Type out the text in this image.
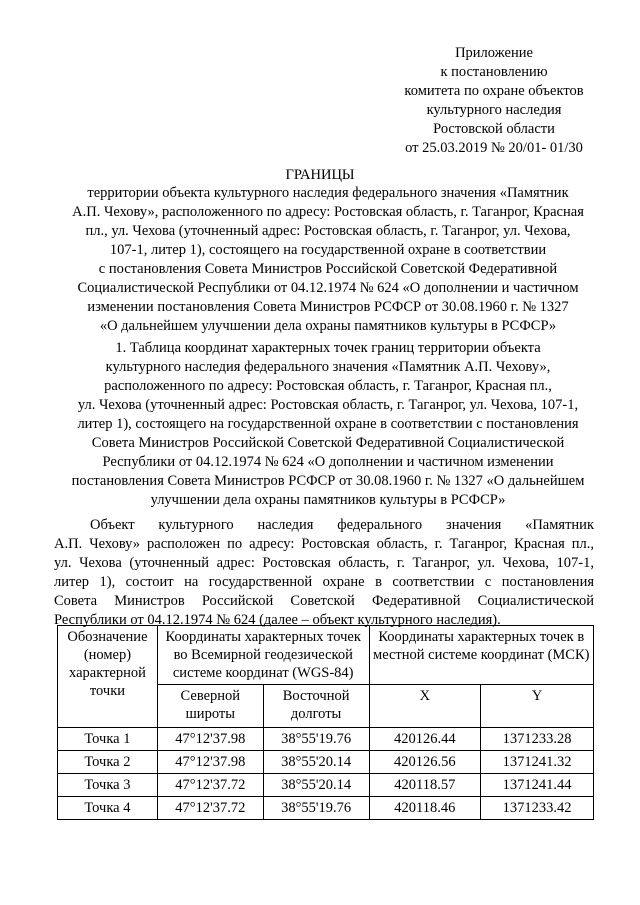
Приложение
к постановлению
комитета по охране объектов
культурного наследия
Ростовской области
от 25.03.2019 № 20/01- 01/30
ГРАНИЦЫ
территории объекта культурного наследия федерального значения «Памятник
А.П. Чехову», расположенного по адресу: Ростовская область, г. Таганрог, Красная
пл., ул. Чехова (уточненный адрес: Ростовская область, г. Таганрог, ул. Чехова,
107-1, литер 1), состоящего на государственной охране в соответствии
с постановления Совета Министров Российской Советской Федеративной
Социалистической Республики от 04.12.1974 № 624 «О дополнении и частичном
изменении постановления Совета Министров РСФСР от 30.08.1960 г. № 1327
«О дальнейшем улучшении дела охраны памятников культуры в РСФСР»
1. Таблица координат характерных точек границ территории объекта
культурного наследия федерального значения «Памятник А.П. Чехову»,
расположенного по адресу: Ростовская область, г. Таганрог, Красная пл.,
ул. Чехова (уточненный адрес: Ростовская область, г. Таганрог, ул. Чехова, 107-1,
литер 1), состоящего на государственной охране в соответствии с постановления
Совета Министров Российской Советской Федеративной Социалистической
Республики от 04.12.1974 № 624 «О дополнении и частичном изменении
постановления Совета Министров РСФСР от 30.08.1960 г. № 1327 «О дальнейшем
улучшении дела охраны памятников культуры в РСФСР»
Объект культурного наследия федерального значения «Памятник
А.П. Чехову» расположен по адресу: Ростовская область, г. Таганрог, Красная пл.,
ул. Чехова (уточненный адрес: Ростовская область, г. Таганрог, ул. Чехова, 107-1,
литер 1), состоит на государственной охране в соответствии с постановления
Совета Министров Российской Советской Федеративной Социалистической
Республики от 04.12.1974 № 624 (далее – объект культурного наследия).
Обозначение (номер) характерной точки	Координаты характерных точек во Всемирной геодезической системе координат (WGS-84)		Координаты характерных точек в местной системе координат (МСК)	
	Северной широты	Восточной долготы	X	Y
Точка 1	47°12'37.98	38°55'19.76	420126.44	1371233.28
Точка 2	47°12'37.98	38°55'20.14	420126.56	1371241.32
Точка 3	47°12'37.72	38°55'20.14	420118.57	1371241.44
Точка 4	47°12'37.72	38°55'19.76	420118.46	1371233.42
